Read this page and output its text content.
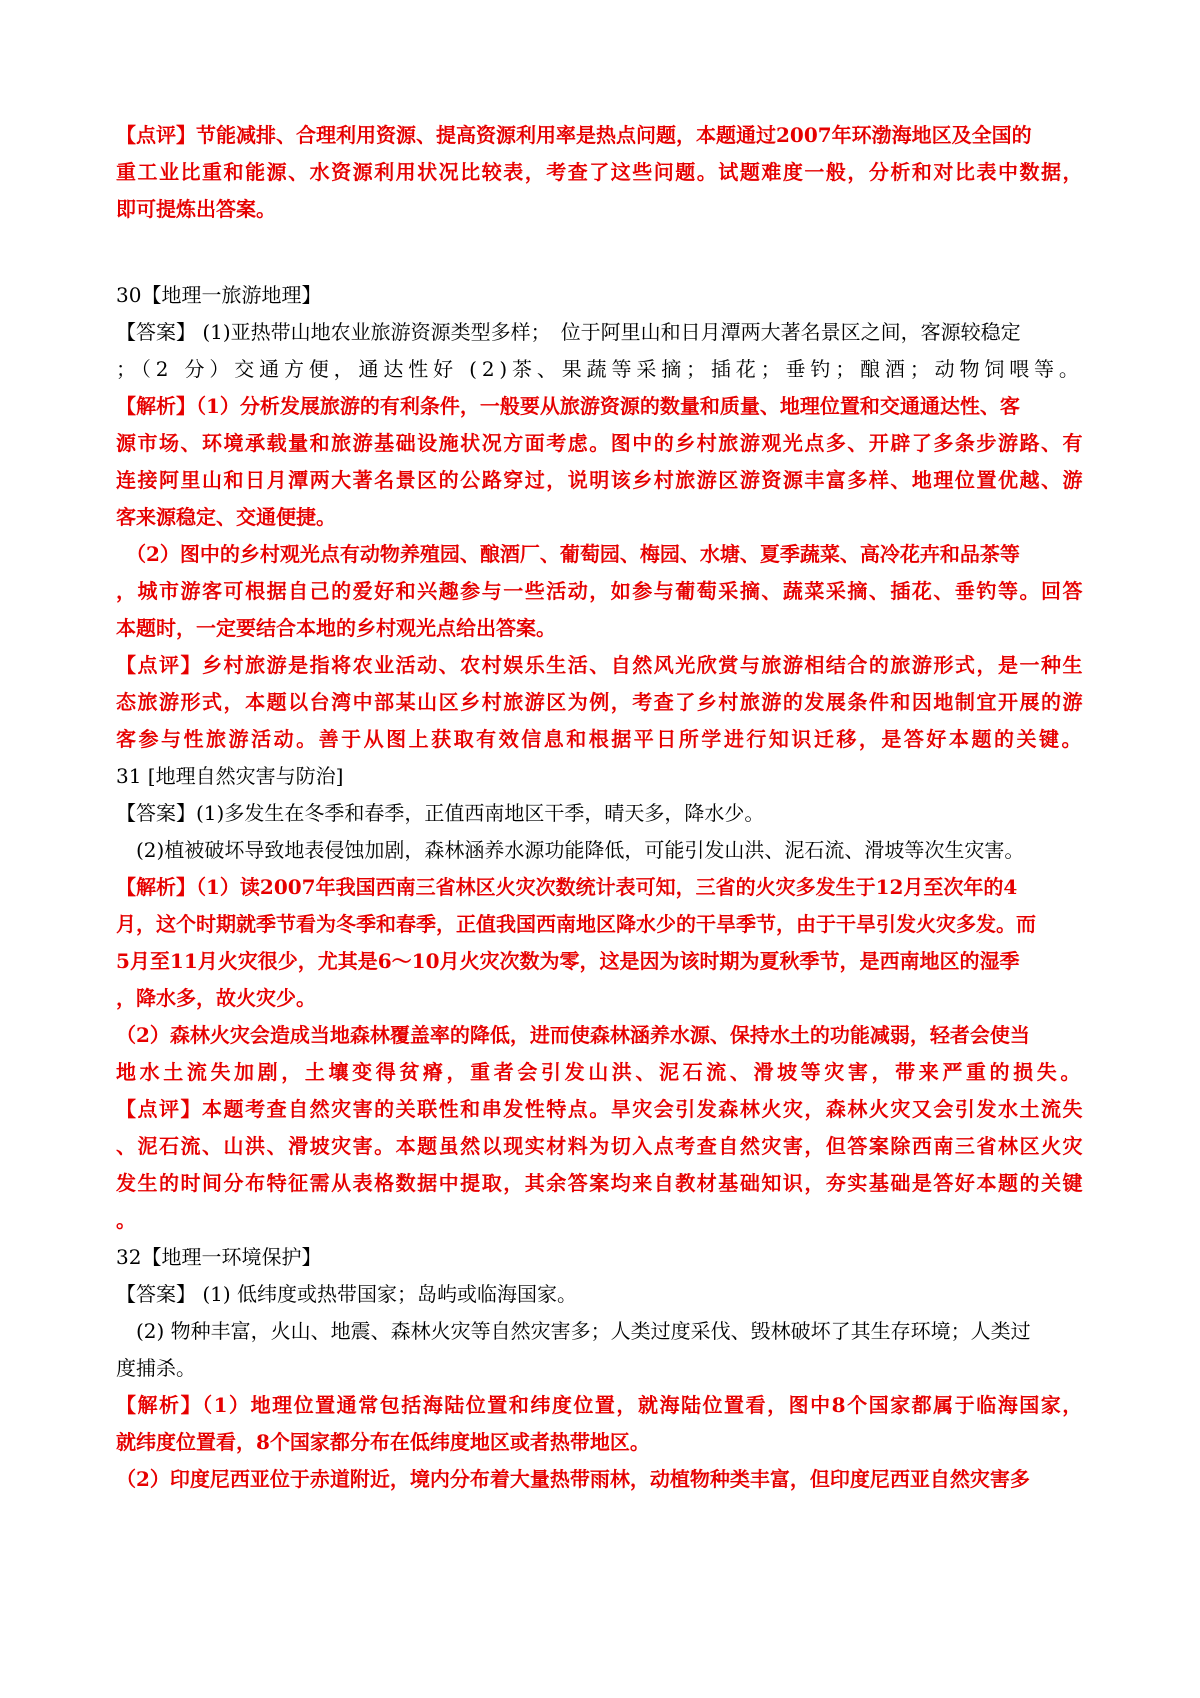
【点评】节能减排、合理利用资源、提高资源利用率是热点问题，本题通过2007年环渤海地区及全国的
重工业比重和能源、水资源利用状况比较表，考查了这些问题。试题难度一般，分析和对比表中数据，
即可提炼出答案。
30【地理一旅游地理】
【答案】 (1)亚热带山地农业旅游资源类型多样；　位于阿里山和日月潭两大著名景区之间，客源较稳定
；（2 分）交通方便，通达性好 (2)茶、果蔬等采摘；插花；垂钓；酿酒；动物饲喂等。
【解析】（1）分析发展旅游的有利条件，一般要从旅游资源的数量和质量、地理位置和交通通达性、客
源市场、环境承载量和旅游基础设施状况方面考虑。图中的乡村旅游观光点多、开辟了多条步游路、有
连接阿里山和日月潭两大著名景区的公路穿过，说明该乡村旅游区游资源丰富多样、地理位置优越、游
客来源稳定、交通便捷。
　（2）图中的乡村观光点有动物养殖园、酿酒厂、葡萄园、梅园、水塘、夏季蔬菜、高冷花卉和品茶等
，城市游客可根据自己的爱好和兴趣参与一些活动，如参与葡萄采摘、蔬菜采摘、插花、垂钓等。回答
本题时，一定要结合本地的乡村观光点给出答案。
【点评】乡村旅游是指将农业活动、农村娱乐生活、自然风光欣赏与旅游相结合的旅游形式，是一种生
态旅游形式，本题以台湾中部某山区乡村旅游区为例，考查了乡村旅游的发展条件和因地制宜开展的游
客参与性旅游活动。善于从图上获取有效信息和根据平日所学进行知识迁移，是答好本题的关键。
31 [地理自然灾害与防治]
【答案】(1)多发生在冬季和春季，正值西南地区干季，晴天多，降水少。
　(2)植被破坏导致地表侵蚀加剧，森林涵养水源功能降低，可能引发山洪、泥石流、滑坡等次生灾害。
【解析】（1）读2007年我国西南三省林区火灾次数统计表可知，三省的火灾多发生于12月至次年的4
月，这个时期就季节看为冬季和春季，正值我国西南地区降水少的干旱季节，由于干旱引发火灾多发。而
5月至11月火灾很少，尤其是6～10月火灾次数为零，这是因为该时期为夏秋季节，是西南地区的湿季
，降水多，故火灾少。
（2）森林火灾会造成当地森林覆盖率的降低，进而使森林涵养水源、保持水土的功能减弱，轻者会使当
地水土流失加剧，土壤变得贫瘠，重者会引发山洪、泥石流、滑坡等灾害，带来严重的损失。
【点评】本题考查自然灾害的关联性和串发性特点。旱灾会引发森林火灾，森林火灾又会引发水土流失
、泥石流、山洪、滑坡灾害。本题虽然以现实材料为切入点考查自然灾害，但答案除西南三省林区火灾
发生的时间分布特征需从表格数据中提取，其余答案均来自教材基础知识，夯实基础是答好本题的关键
。
32【地理一环境保护】
【答案】 (1) 低纬度或热带国家；岛屿或临海国家。
　(2) 物种丰富，火山、地震、森林火灾等自然灾害多；人类过度采伐、毁林破坏了其生存环境；人类过
度捕杀。
【解析】（1）地理位置通常包括海陆位置和纬度位置，就海陆位置看，图中8个国家都属于临海国家，
就纬度位置看，8个国家都分布在低纬度地区或者热带地区。
（2）印度尼西亚位于赤道附近，境内分布着大量热带雨林，动植物种类丰富，但印度尼西亚自然灾害多
